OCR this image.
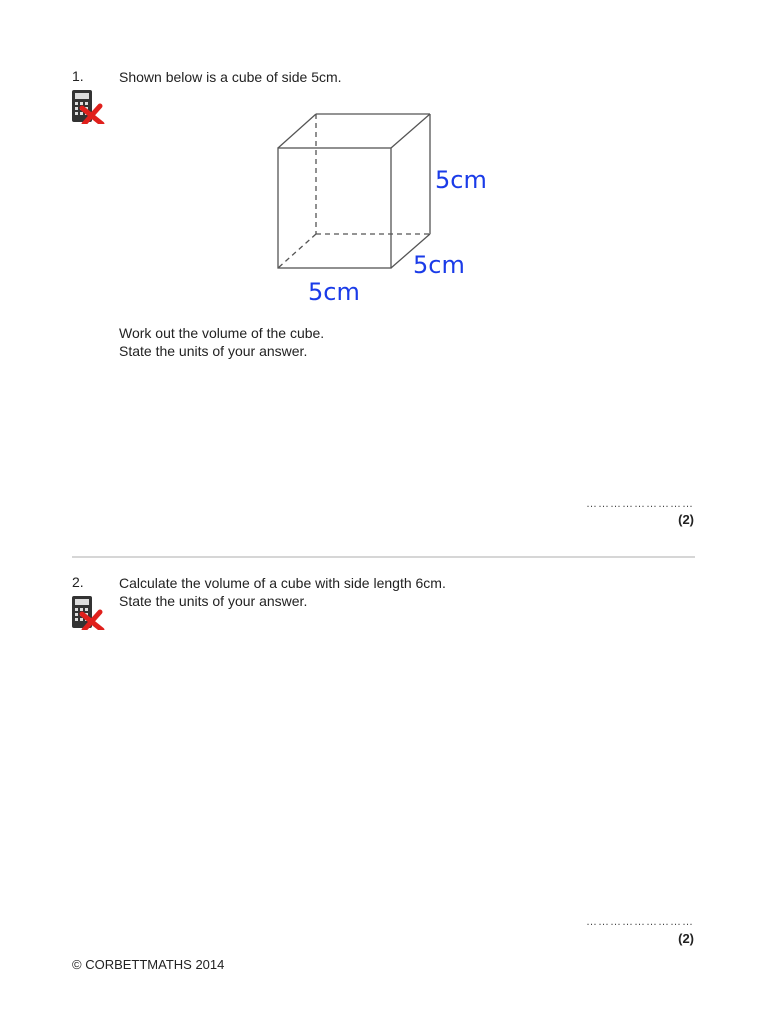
1.	Shown below is a cube of side 5cm.
5cm
5cm
5cm
Work out the volume of the cube.
State the units of your answer.
………………………
(2)
2.	Calculate the volume of a cube with side length 6cm.
State the units of your answer.
………………………
(2)
© CORBETTMATHS 2014
